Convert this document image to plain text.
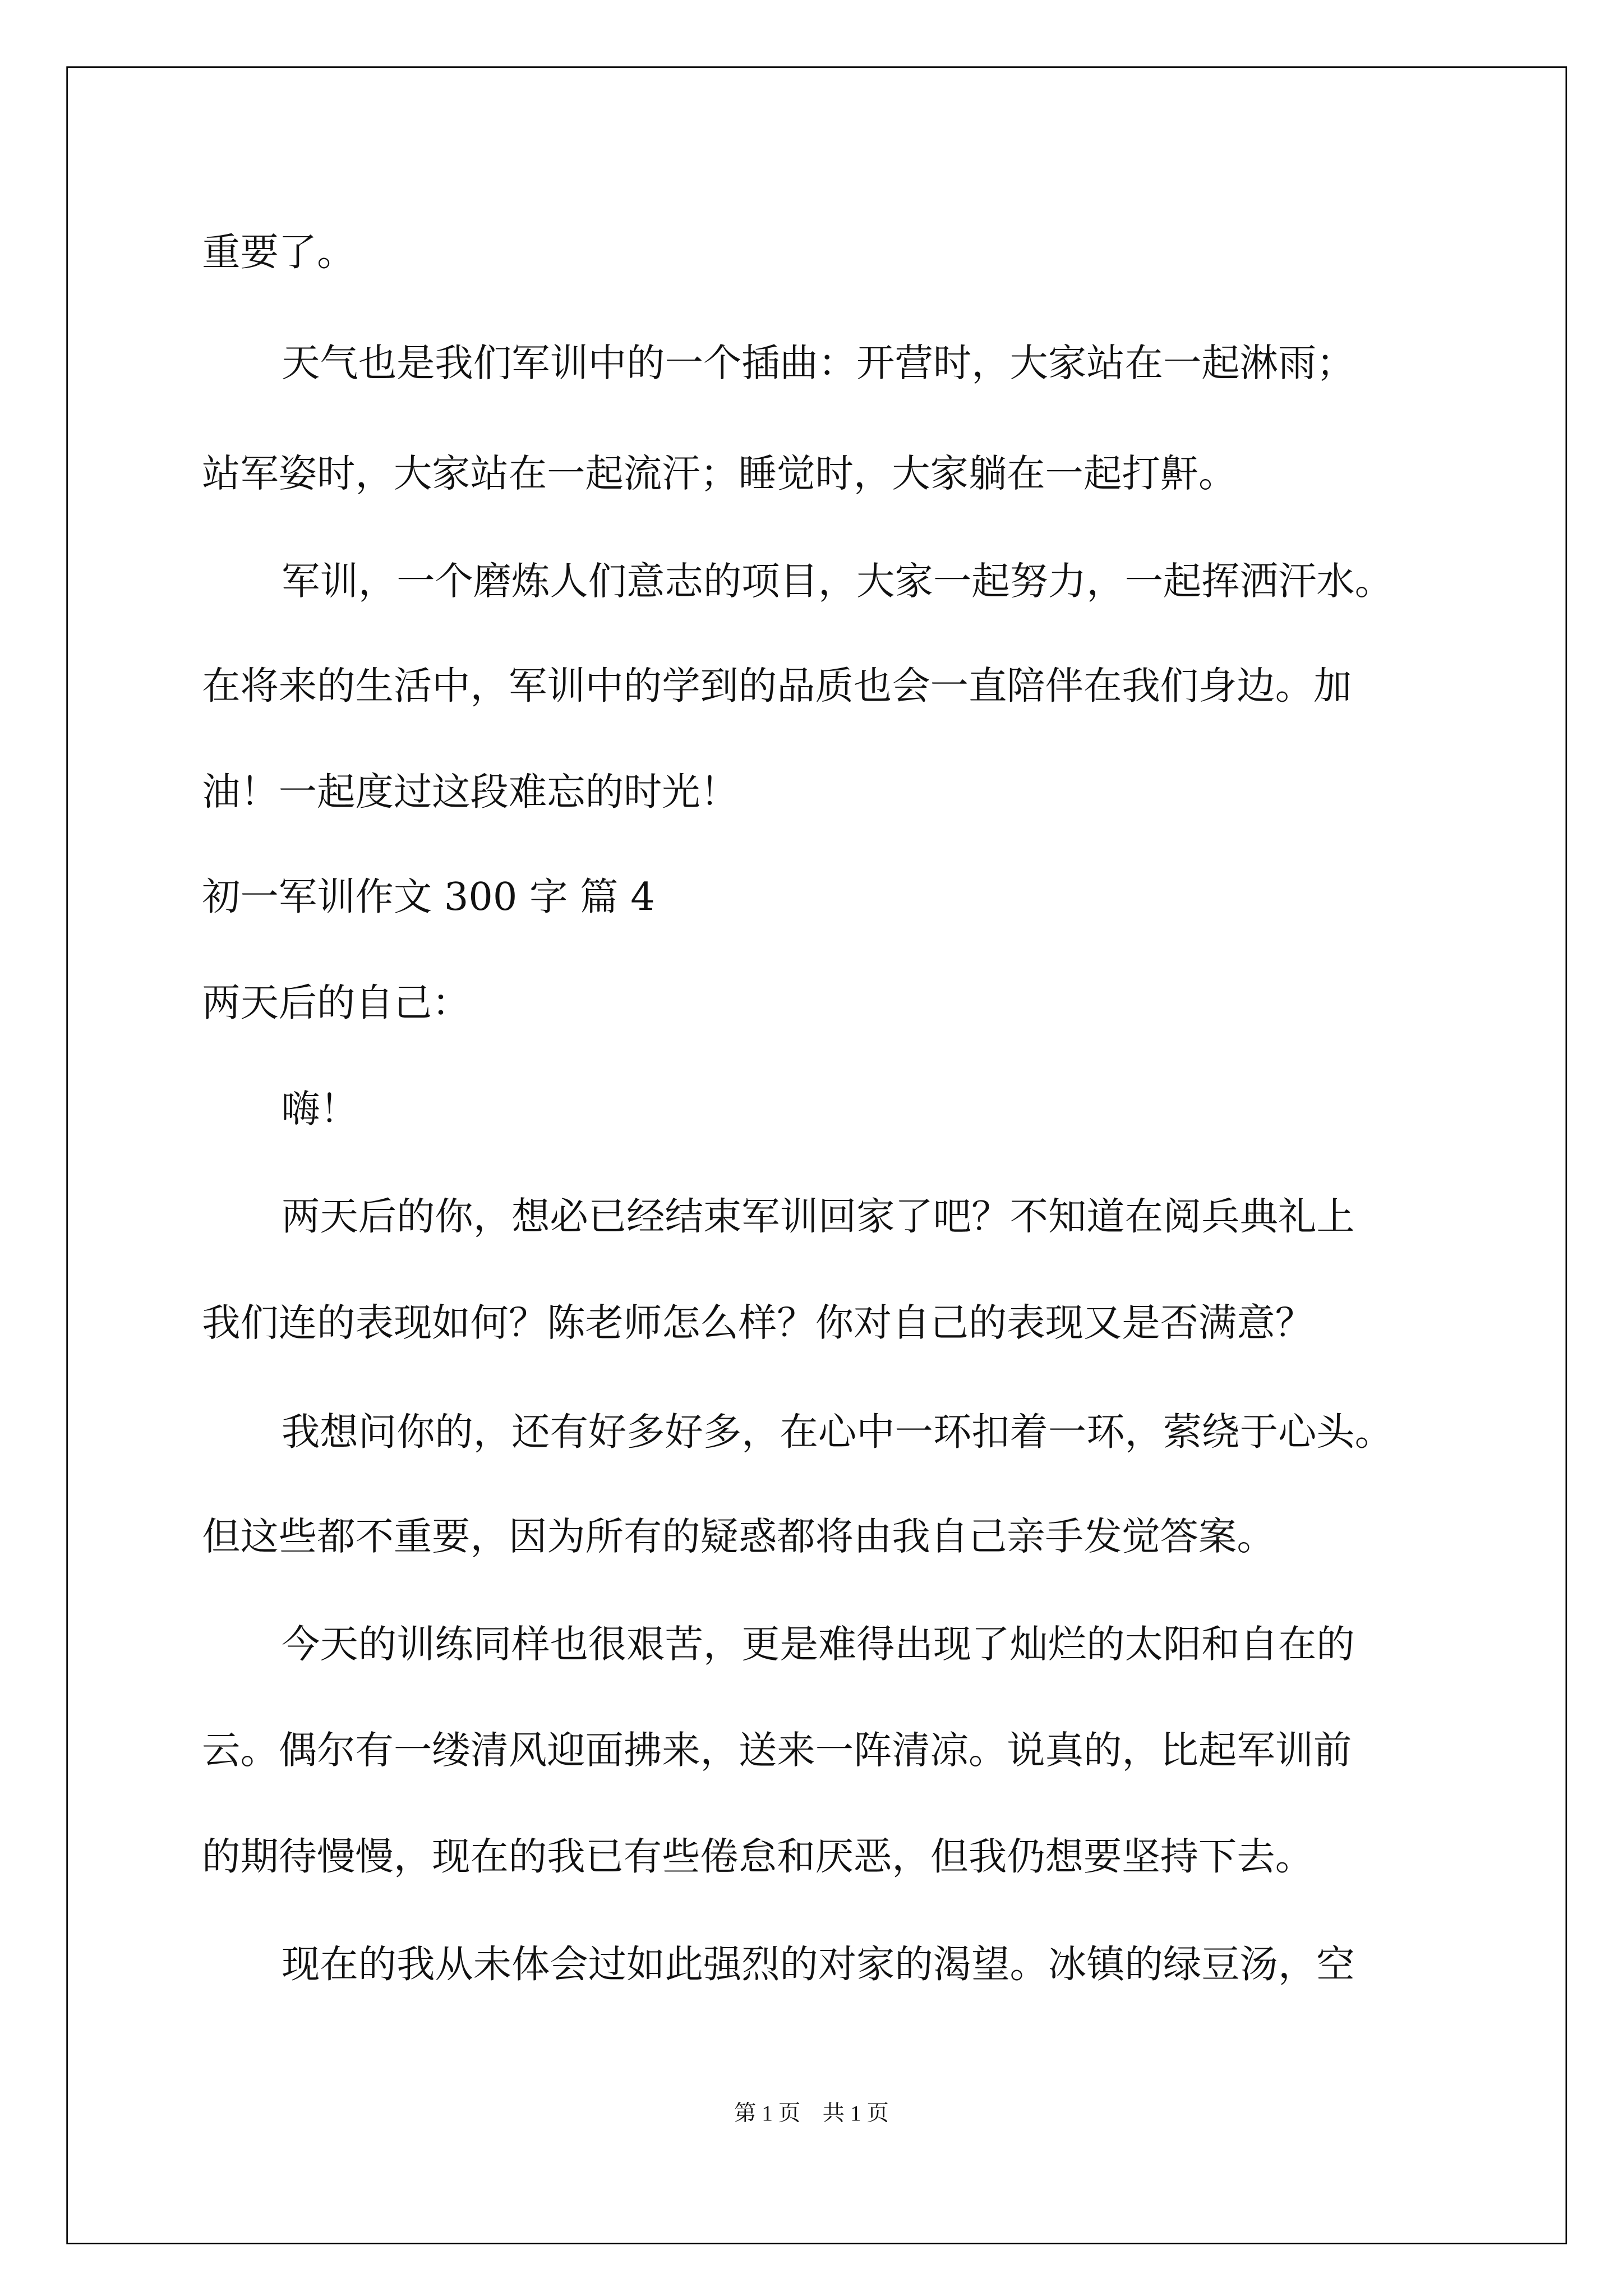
重要了。
天气也是我们军训中的一个插曲：开营时，大家站在一起淋雨；
站军姿时，大家站在一起流汗；睡觉时，大家躺在一起打鼾。
军训，一个磨炼人们意志的项目，大家一起努力，一起挥洒汗水。
在将来的生活中，军训中的学到的品质也会一直陪伴在我们身边。加
油！一起度过这段难忘的时光！
初一军训作文 300 字 篇 4
两天后的自己：
嗨！
两天后的你，想必已经结束军训回家了吧？不知道在阅兵典礼上
我们连的表现如何？陈老师怎么样？你对自己的表现又是否满意？
我想问你的，还有好多好多，在心中一环扣着一环，萦绕于心头。
但这些都不重要，因为所有的疑惑都将由我自己亲手发觉答案。
今天的训练同样也很艰苦，更是难得出现了灿烂的太阳和自在的
云。偶尔有一缕清风迎面拂来，送来一阵清凉。说真的，比起军训前
的期待慢慢，现在的我已有些倦怠和厌恶，但我仍想要坚持下去。
现在的我从未体会过如此强烈的对家的渴望。冰镇的绿豆汤，空
第 1 页    共 1 页
